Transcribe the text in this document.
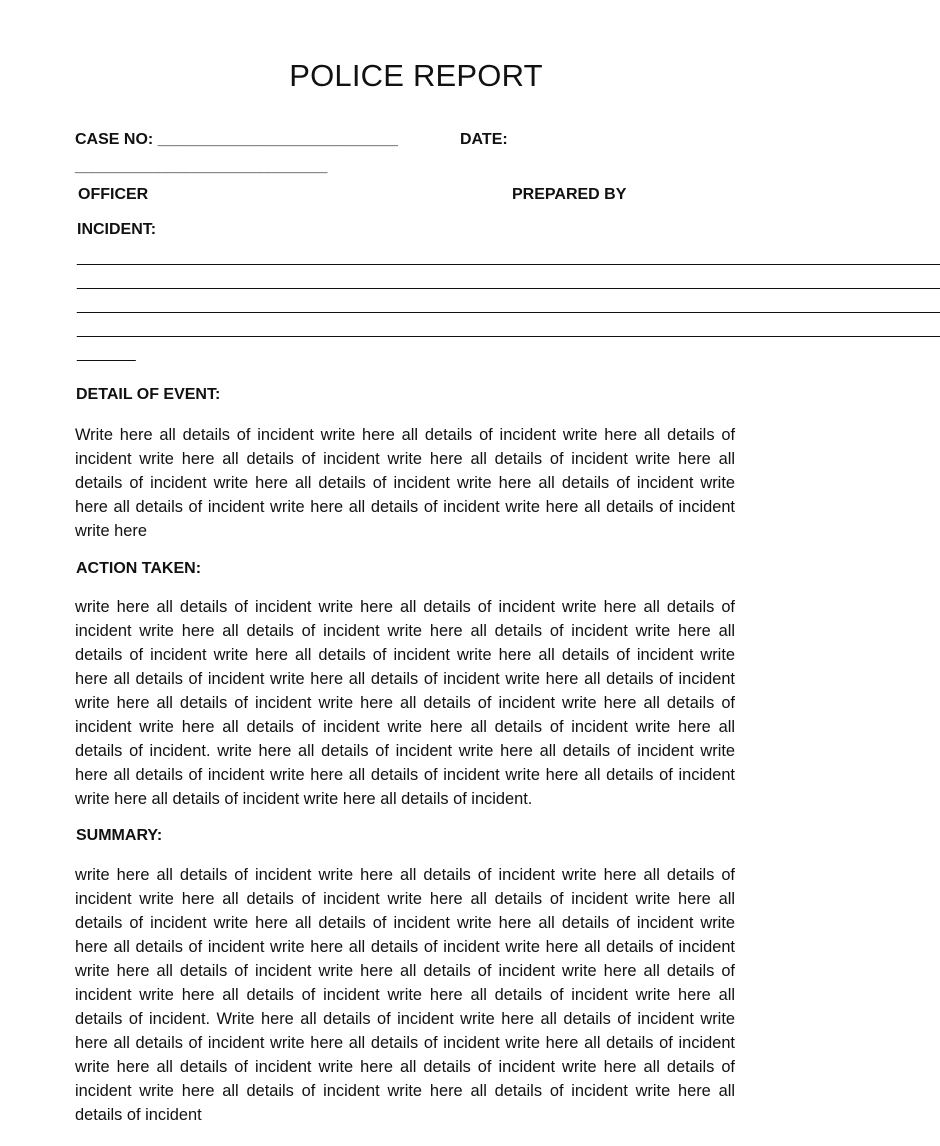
POLICE REPORT
CASE NO: ___________________________	DATE:
______________________________
OFFICER	PREPARED BY
INCIDENT:
________________________________________________________________________________________________________
________________________________________________________________________________________________________
________________________________________________________________________________________________________
________________________________________________________________________________________________________
_______
DETAIL OF EVENT:
Write here all details of incident write here all details of incident write here all details of incident write here all details of incident write here all details of incident write here all details of incident write here all details of incident write here all details of incident write here all details of incident write here all details of incident write here all details of incident write here
ACTION TAKEN:
write here all details of incident write here all details of incident write here all details of incident write here all details of incident write here all details of incident write here all details of incident write here all details of incident write here all details of incident write here all details of incident write here all details of incident write here all details of incident write here all details of incident write here all details of incident write here all details of incident write here all details of incident write here all details of incident write here all details of incident. write here all details of incident write here all details of incident write here all details of incident write here all details of incident write here all details of incident write here all details of incident write here all details of incident.
SUMMARY:
write here all details of incident write here all details of incident write here all details of incident write here all details of incident write here all details of incident write here all details of incident write here all details of incident write here all details of incident write here all details of incident write here all details of incident write here all details of incident write here all details of incident write here all details of incident write here all details of incident write here all details of incident write here all details of incident write here all details of incident. Write here all details of incident write here all details of incident write here all details of incident write here all details of incident write here all details of incident write here all details of incident write here all details of incident write here all details of incident write here all details of incident write here all details of incident write here all details of incident
